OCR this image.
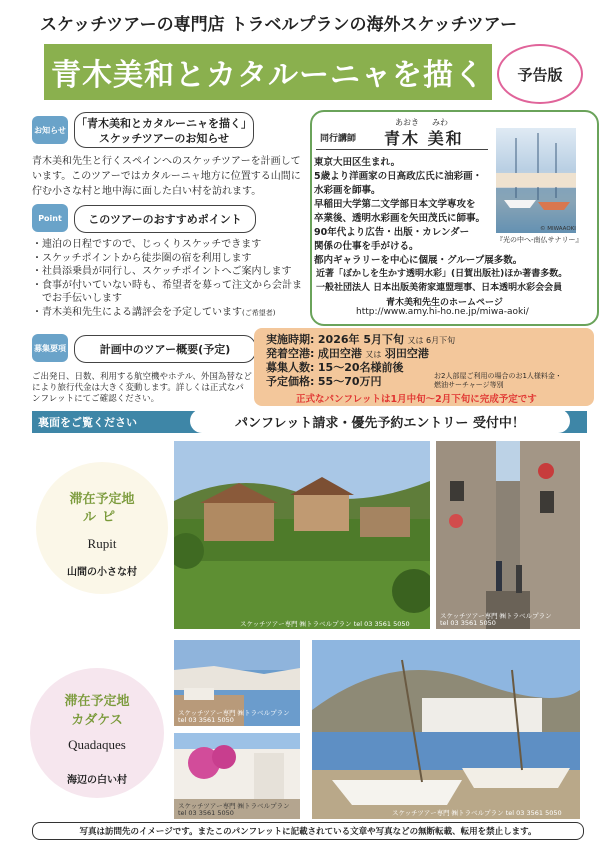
スケッチツアーの専門店 トラベルプランの海外スケッチツアー
青木美和とカタルーニャを描く	予告版
お知らせ 「青木美和とカタルーニャを描く」
スケッチツアーのお知らせ
青木美和先生と行くスペインへのスケッチツアーを計画しています。このツアーではカタルーニャ地方に位置する山間に佇む小さな村と地中海に面した白い村を訪れます。
Point	このツアーのおすすめポイント
・ 連泊の日程ですので、じっくりスケッチできます
・ スケッチポイントから徒歩圏の宿を利用します
・ 社員添乗員が同行し、スケッチポイントへご案内します
・ 食事が付いていない時も、希望者を募って注文から会計までお手伝いします
・ 青木美和先生による講評会を予定しています(ご希望者)
募集要項	計画中のツアー概要(予定)
ご出発日、日数、利用する航空機やホテル、外国為替などにより旅行代金は大きく変動します。詳しくは正式なパンフレットにてご確認ください。
あおき みわ
同行講師 青木 美和
東京大田区生まれ。
5歳より洋画家の日高政広氏に油彩画・
水彩画を師事。
早稲田大学第二文学部日本文学専攻を
卒業後、透明水彩画を矢田茂氏に師事。
90年代より広告・出版・カレンダー
関係の仕事を手がける。
都内ギャラリーを中心に個展・グループ展多数。
© MIWAAOKI
『光の中へ-南仏サナリー』
近著「ぼかしを生かす透明水彩」(日賀出版社)ほか著書多数。
一般社団法人 日本出版美術家連盟理事、日本透明水彩会会員
青木美和先生のホームページ
http://www.amy.hi-ho.ne.jp/miwa-aoki/
実施時期: 2026年 5月下旬 又は 6月下旬
発着空港: 成田空港 又は 羽田空港
募集人数: 15～20名様前後
予定価格: 55～70万円	お2人部屋ご利用の場合のお1人様料金・
燃油サーチャージ等別
正式なパンフレットは1月中旬～2月下旬に完成予定です
裏面をご覧ください	パンフレット請求・優先予約エントリー 受付中！
滞在予定地
ルピ
Rupit
山間の小さな村
滞在予定地
カダケス
Quadaques
海辺の白い村
スケッチツアー専門 ㈱トラベルプラン tel 03 3561 5050
スケッチツアー専門 ㈱トラベルプラン
tel 03 3561 5050
スケッチツアー専門 ㈱トラベルプラン
tel 03 3561 5050
スケッチツアー専門 ㈱トラベルプラン
tel 03 3561 5050	スケッチツアー専門 ㈱トラベルプラン tel 03 3561 5050
写真は訪問先のイメージです。またこのパンフレットに記載されている文章や写真などの無断転載、転用を禁止します。
